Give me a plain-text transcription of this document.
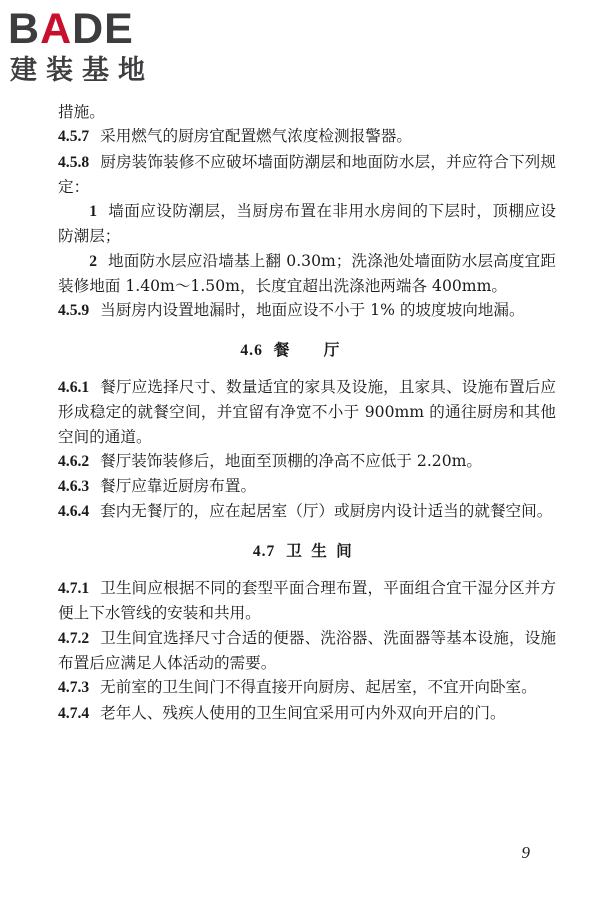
BADE
建装基地

措施。

4.5.7 采用燃气的厨房宜配置燃气浓度检测报警器。

4.5.8 厨房装饰装修不应破坏墙面防潮层和地面防水层，并应符合下列规定：

1 墙面应设防潮层，当厨房布置在非用水房间的下层时，顶棚应设防潮层；

2 地面防水层应沿墙基上翻 0.30m；洗涤池处墙面防水层高度宜距装修地面 1.40m～1.50m，长度宜超出洗涤池两端各 400mm。

4.5.9 当厨房内设置地漏时，地面应设不小于 1% 的坡度坡向地漏。

4.6 餐厅

4.6.1 餐厅应选择尺寸、数量适宜的家具及设施，且家具、设施布置后应形成稳定的就餐空间，并宜留有净宽不小于 900mm 的通往厨房和其他空间的通道。

4.6.2 餐厅装饰装修后，地面至顶棚的净高不应低于 2.20m。

4.6.3 餐厅应靠近厨房布置。

4.6.4 套内无餐厅的，应在起居室（厅）或厨房内设计适当的就餐空间。

4.7 卫生间

4.7.1 卫生间应根据不同的套型平面合理布置，平面组合宜干湿分区并方便上下水管线的安装和共用。

4.7.2 卫生间宜选择尺寸合适的便器、洗浴器、洗面器等基本设施，设施布置后应满足人体活动的需要。

4.7.3 无前室的卫生间门不得直接开向厨房、起居室，不宜开向卧室。

4.7.4 老年人、残疾人使用的卫生间宜采用可内外双向开启的门。

9
